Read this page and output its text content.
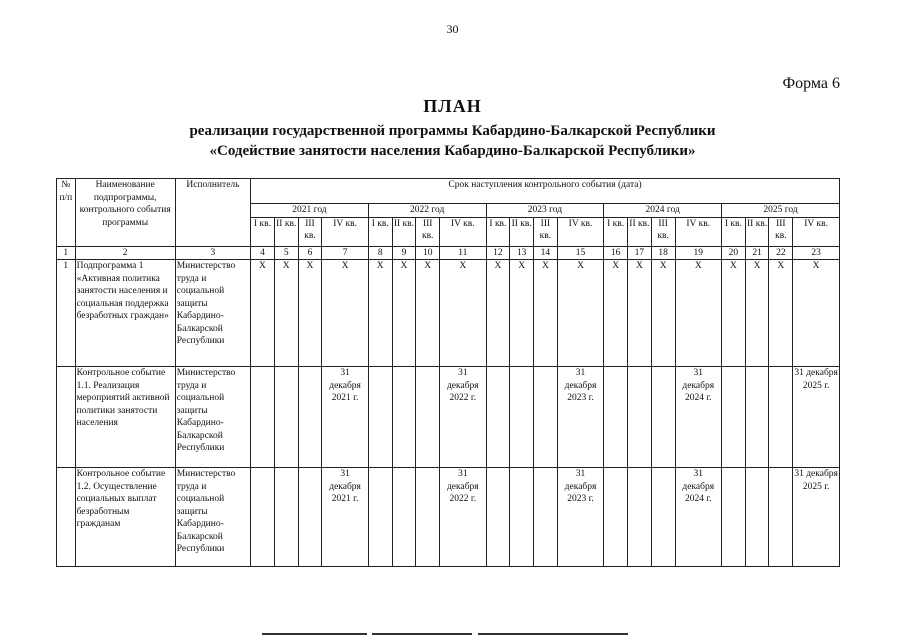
30
Форма 6
ПЛАН
реализации государственной программы Кабардино-Балкарской Республики
«Содействие занятости населения Кабардино-Балкарской Республики»
№ п/п	Наименование подпрограммы, контрольного события программы	Исполнитель	Срок наступления контрольного события (дата)																			
			2021 год				2022 год				2023 год				2024 год				2025 год			
			I кв.	II кв.	III кв.	IV кв.	I кв.	II кв.	III кв.	IV кв.	I кв.	II кв.	III кв.	IV кв.	I кв.	II кв.	III кв.	IV кв.	I кв.	II кв.	III кв.	IV кв.
1	2	3	4	5	6	7	8	9	10	11	12	13	14	15	16	17	18	19	20	21	22	23
1	Подпрограмма 1 «Активная политика занятости населения и социальная поддержка безработных граждан»	Министерство труда и социальной защиты Кабардино-Балкарской Республики	X	X	X	X	X	X	X	X	X	X	X	X	X	X	X	X	X	X	X	X
	Контрольное событие 1.1. Реализация мероприятий активной политики занятости населения	Министерство труда и социальной защиты Кабардино-Балкарской Республики				31 декабря 2021 г.				31 декабря 2022 г.				31 декабря 2023 г.				31 декабря 2024 г.				31 декабря 2025 г.
	Контрольное событие 1.2. Осуществление социальных выплат безработным гражданам	Министерство труда и социальной защиты Кабардино-Балкарской Республики				31 декабря 2021 г.				31 декабря 2022 г.				31 декабря 2023 г.				31 декабря 2024 г.				31 декабря 2025 г.
